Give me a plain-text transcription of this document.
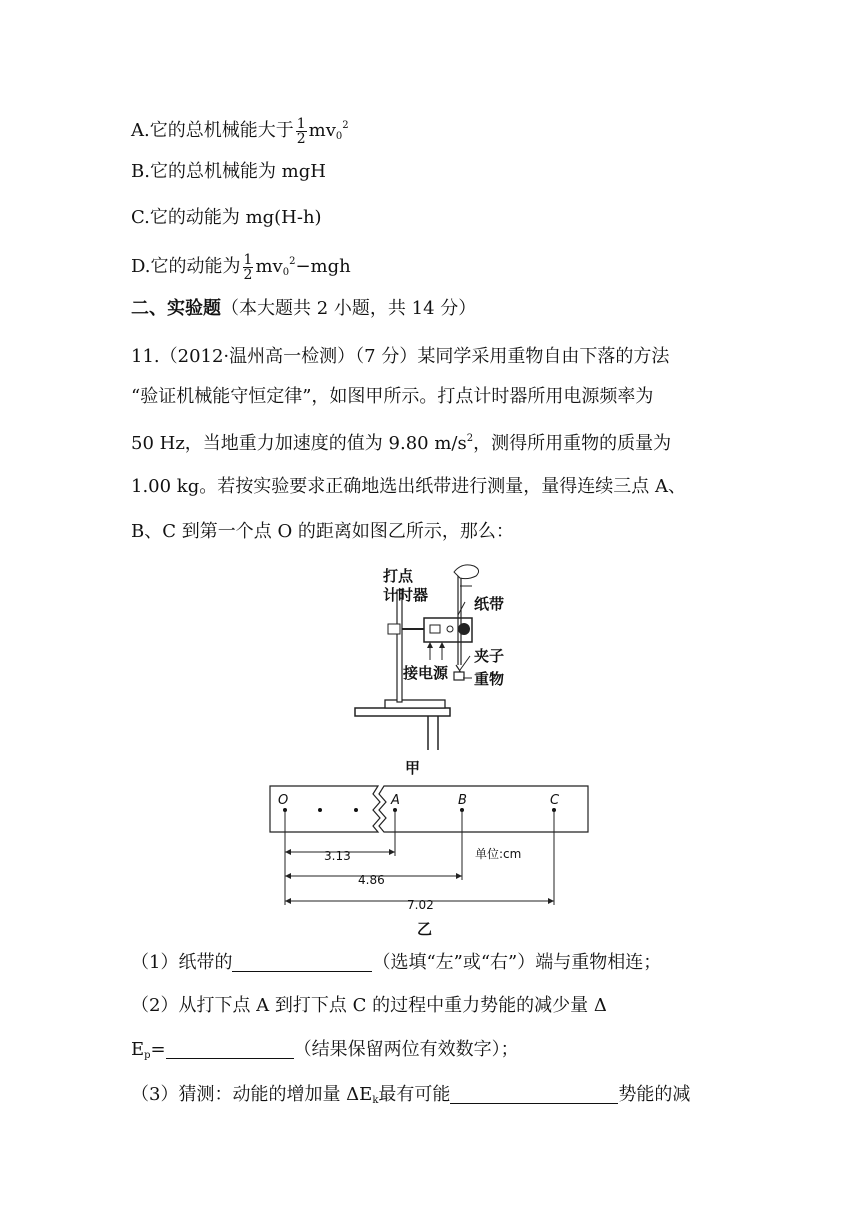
A.它的总机械能大于 $\frac{1}{2} mv_0^2$
B.它的总机械能为 mgH
C.它的动能为 mg(H-h)
D.它的动能为 $\frac{1}{2} mv_0^2-mgh$
二、实验题（本大题共 2 小题，共 14 分）
11.（2012·温州高一检测）（7 分）某同学采用重物自由下落的方法
“验证机械能守恒定律”，如图甲所示。打点计时器所用电源频率为
50 Hz，当地重力加速度的值为 9.80 $m/s^2$，测得所用重物的质量为
1.00 kg。若按实验要求正确地选出纸带进行测量，量得连续三点 A、
B、C 到第一个点 O 的距离如图乙所示，那么：
打点
计时器	纸带
夹子
接电源 重物
甲
O	A	B	C
单位:cm
3.13
4.86
7.02
乙
（1）纸带的	（选填“左”或“右”）端与重物相连；
（2）从打下点 A 到打下点 C 的过程中重力势能的减少量 Δ
$E_p=$	（结果保留两位有效数字）；
（3）猜测：动能的增加量 $\Delta E_k$最有可能	势能的减
